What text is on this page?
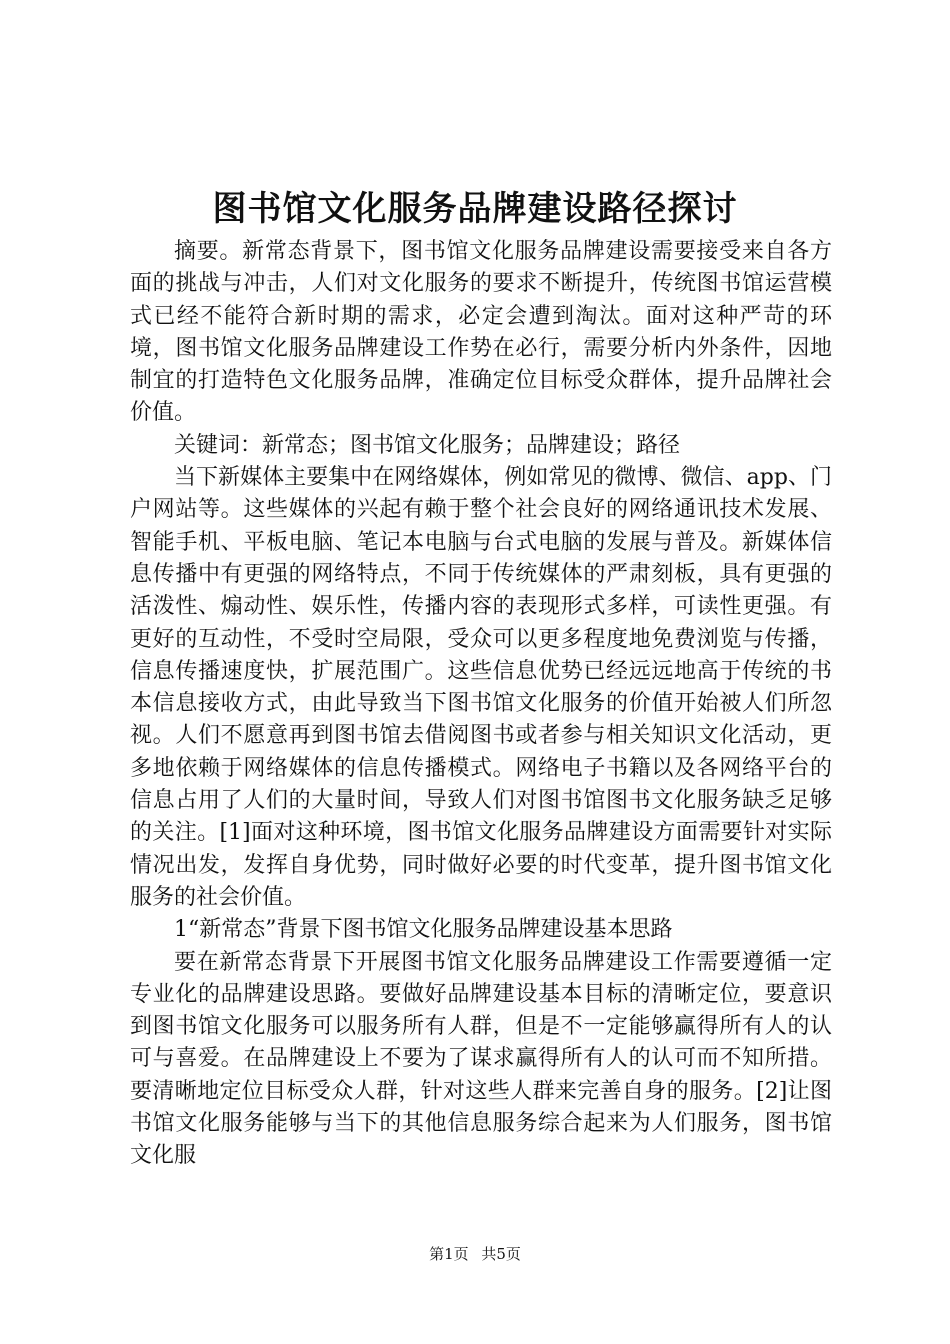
图书馆文化服务品牌建设路径探讨

摘要。新常态背景下，图书馆文化服务品牌建设需要接受来自各方面的挑战与冲击，人们对文化服务的要求不断提升，传统图书馆运营模式已经不能符合新时期的需求，必定会遭到淘汰。面对这种严苛的环境，图书馆文化服务品牌建设工作势在必行，需要分析内外条件，因地制宜的打造特色文化服务品牌，准确定位目标受众群体，提升品牌社会价值。

关键词：新常态；图书馆文化服务；品牌建设；路径

当下新媒体主要集中在网络媒体，例如常见的微博、微信、app、门户网站等。这些媒体的兴起有赖于整个社会良好的网络通讯技术发展、智能手机、平板电脑、笔记本电脑与台式电脑的发展与普及。新媒体信息传播中有更强的网络特点，不同于传统媒体的严肃刻板，具有更强的活泼性、煽动性、娱乐性，传播内容的表现形式多样，可读性更强。有更好的互动性，不受时空局限，受众可以更多程度地免费浏览与传播，信息传播速度快，扩展范围广。这些信息优势已经远远地高于传统的书本信息接收方式，由此导致当下图书馆文化服务的价值开始被人们所忽视。人们不愿意再到图书馆去借阅图书或者参与相关知识文化活动，更多地依赖于网络媒体的信息传播模式。网络电子书籍以及各网络平台的信息占用了人们的大量时间，导致人们对图书馆图书文化服务缺乏足够的关注。[1]面对这种环境，图书馆文化服务品牌建设方面需要针对实际情况出发，发挥自身优势，同时做好必要的时代变革，提升图书馆文化服务的社会价值。

1“新常态”背景下图书馆文化服务品牌建设基本思路

要在新常态背景下开展图书馆文化服务品牌建设工作需要遵循一定专业化的品牌建设思路。要做好品牌建设基本目标的清晰定位，要意识到图书馆文化服务可以服务所有人群，但是不一定能够赢得所有人的认可与喜爱。在品牌建设上不要为了谋求赢得所有人的认可而不知所措。要清晰地定位目标受众人群，针对这些人群来完善自身的服务。[2]让图书馆文化服务能够与当下的其他信息服务综合起来为人们服务，图书馆文化服

第1页 共5页
